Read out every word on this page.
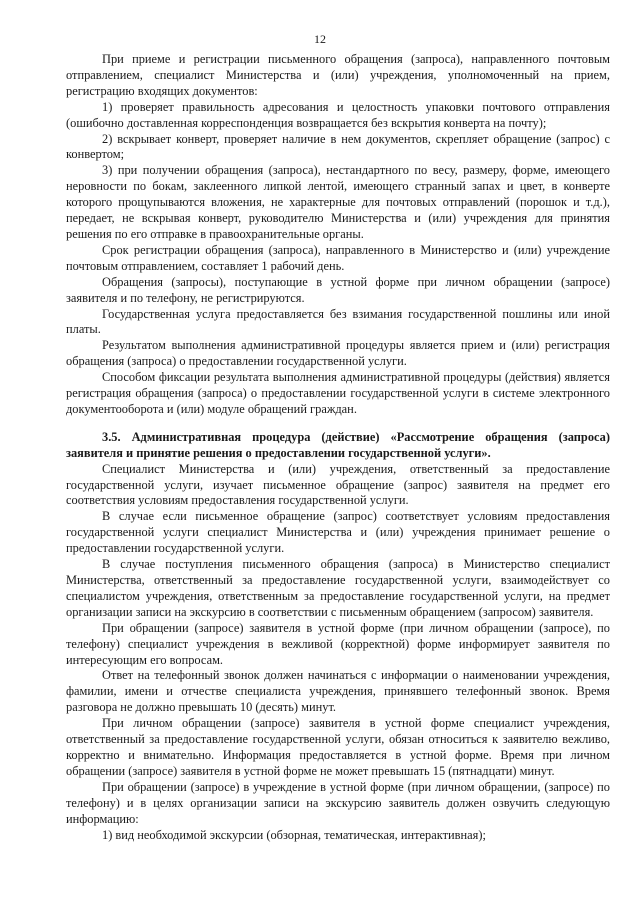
12

При приеме и регистрации письменного обращения (запроса), направленного почтовым отправлением, специалист Министерства и (или) учреждения, уполномоченный на прием, регистрацию входящих документов:

1) проверяет правильность адресования и целостность упаковки почтового отправления (ошибочно доставленная корреспонденция возвращается без вскрытия конверта на почту);

2) вскрывает конверт, проверяет наличие в нем документов, скрепляет обращение (запрос) с конвертом;

3) при получении обращения (запроса), нестандартного по весу, размеру, форме, имеющего неровности по бокам, заклеенного липкой лентой, имеющего странный запах и цвет, в конверте которого прощупываются вложения, не характерные для почтовых отправлений (порошок и т.д.), передает, не вскрывая конверт, руководителю Министерства и (или) учреждения для принятия решения по его отправке в правоохранительные органы.

Срок регистрации обращения (запроса), направленного в Министерство и (или) учреждение почтовым отправлением, составляет 1 рабочий день.

Обращения (запросы), поступающие в устной форме при личном обращении (запросе) заявителя и по телефону, не регистрируются.

Государственная услуга предоставляется без взимания государственной пошлины или иной платы.

Результатом выполнения административной процедуры является прием и (или) регистрация обращения (запроса) о предоставлении государственной услуги.

Способом фиксации результата выполнения административной процедуры (действия) является регистрация обращения (запроса) о предоставлении государственной услуги в системе электронного документооборота и (или) модуле обращений граждан.

3.5. Административная процедура (действие) «Рассмотрение обращения (запроса) заявителя и принятие решения о предоставлении государственной услуги».

Специалист Министерства и (или) учреждения, ответственный за предоставление государственной услуги, изучает письменное обращение (запрос) заявителя на предмет его соответствия условиям предоставления государственной услуги.

В случае если письменное обращение (запрос) соответствует условиям предоставления государственной услуги специалист Министерства и (или) учреждения принимает решение о предоставлении государственной услуги.

В случае поступления письменного обращения (запроса) в Министерство специалист Министерства, ответственный за предоставление государственной услуги, взаимодействует со специалистом учреждения, ответственным за предоставление государственной услуги, на предмет организации записи на экскурсию в соответствии с письменным обращением (запросом) заявителя.

При обращении (запросе) заявителя в устной форме (при личном обращении (запросе), по телефону) специалист учреждения в вежливой (корректной) форме информирует заявителя по интересующим его вопросам.

Ответ на телефонный звонок должен начинаться с информации о наименовании учреждения, фамилии, имени и отчестве специалиста учреждения, принявшего телефонный звонок. Время разговора не должно превышать 10 (десять) минут.

При личном обращении (запросе) заявителя в устной форме специалист учреждения, ответственный за предоставление государственной услуги, обязан относиться к заявителю вежливо, корректно и внимательно. Информация предоставляется в устной форме. Время при личном обращении (запросе) заявителя в устной форме не может превышать 15 (пятнадцати) минут.

При обращении (запросе) в учреждение в устной форме (при личном обращении, (запросе) по телефону) и в целях организации записи на экскурсию заявитель должен озвучить следующую информацию:

1) вид необходимой экскурсии (обзорная, тематическая, интерактивная);
